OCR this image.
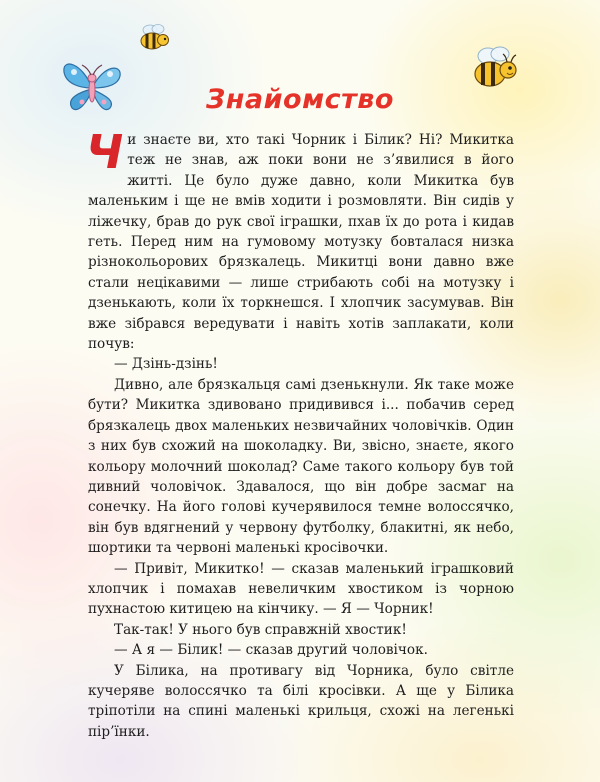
Знайомство

Чи знаєте ви, хто такі Чорник і Білик? Ні? Микитка теж не знав, аж поки вони не з’явилися в його житті. Це було дуже давно, коли Микитка був маленьким і ще не вмів ходити і розмовляти. Він сидів у ліжечку, брав до рук свої іграшки, пхав їх до рота і кидав геть. Перед ним на гумовому мотузку бовталася низка різнокольорових брязкалець. Микитці вони давно вже стали нецікавими — лише стрибають собі на мотузку і дзенькають, коли їх торкнешся. І хлопчик засумував. Він вже зібрався вередувати і навіть хотів заплакати, коли почув:

— Дзінь-дзінь!

Дивно, але брязкальця самі дзенькнули. Як таке може бути? Микитка здивовано придивився і... побачив серед брязкалець двох маленьких незвичайних чоловічків. Один з них був схожий на шоколадку. Ви, звісно, знаєте, якого кольору молочний шоколад? Саме такого кольору був той дивний чоловічок. Здавалося, що він добре засмаг на сонечку. На його голові кучерявилося темне волоссячко, він був вдягнений у червону футболку, блакитні, як небо, шортики та червоні маленькі кросівочки.

— Привіт, Микитко! — сказав маленький іграшковий хлопчик і помахав невеличким хвостиком із чорною пухнастою китицею на кінчику. — Я — Чорник!

Так-так! У нього був справжній хвостик!

— А я — Білик! — сказав другий чоловічок.

У Білика, на противагу від Чорника, було світле кучеряве волоссячко та білі кросівки. А ще у Білика тріпотіли на спині маленькі крильця, схожі на легенькі пір’їнки.
